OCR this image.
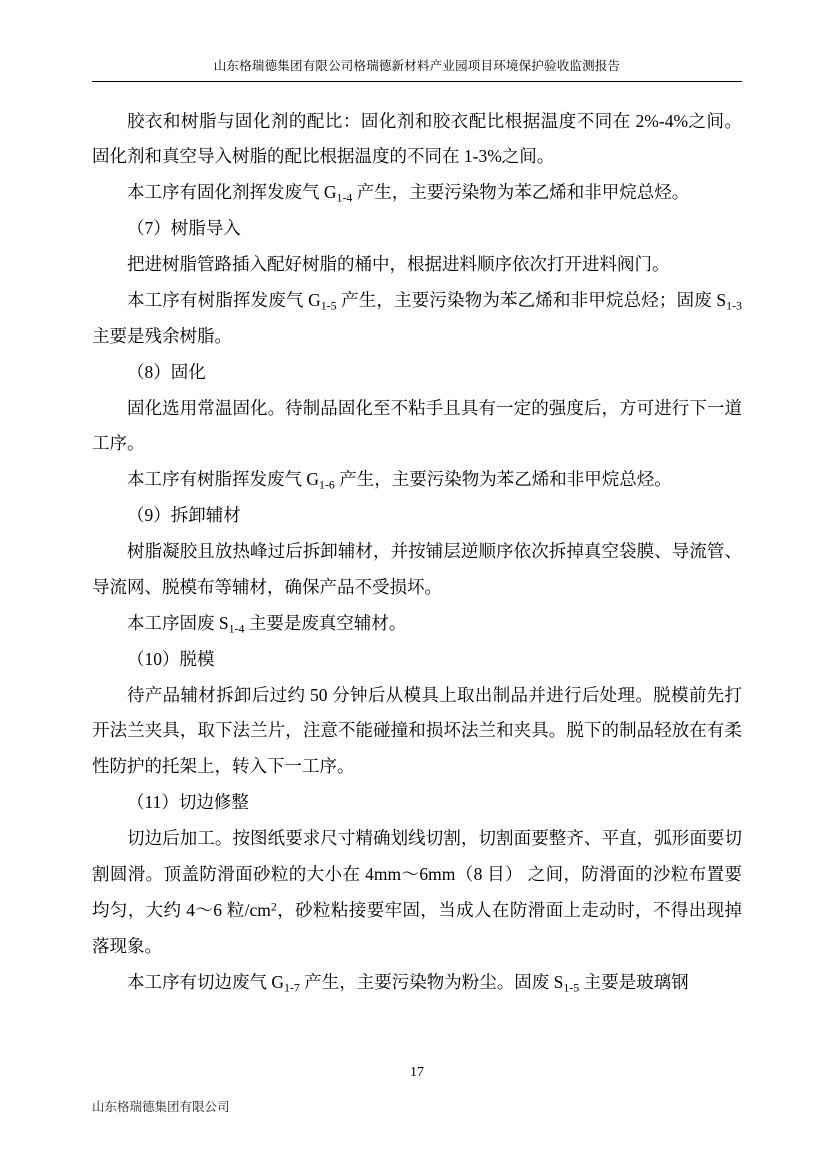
山东格瑞德集团有限公司格瑞德新材料产业园项目环境保护验收监测报告

胶衣和树脂与固化剂的配比：固化剂和胶衣配比根据温度不同在 2%-4%之间。固化剂和真空导入树脂的配比根据温度的不同在 1-3%之间。

本工序有固化剂挥发废气 $G_{1-4}$ 产生，主要污染物为苯乙烯和非甲烷总烃。

（7）树脂导入

把进树脂管路插入配好树脂的桶中，根据进料顺序依次打开进料阀门。

本工序有树脂挥发废气 $G_{1-5}$ 产生，主要污染物为苯乙烯和非甲烷总烃；固废 $S_{1-3}$ 主要是残余树脂。

（8）固化

固化选用常温固化。待制品固化至不粘手且具有一定的强度后，方可进行下一道工序。

本工序有树脂挥发废气 $G_{1-6}$ 产生，主要污染物为苯乙烯和非甲烷总烃。

（9）拆卸辅材

树脂凝胶且放热峰过后拆卸辅材，并按铺层逆顺序依次拆掉真空袋膜、导流管、导流网、脱模布等辅材，确保产品不受损坏。

本工序固废 $S_{1-4}$ 主要是废真空辅材。

（10）脱模

待产品辅材拆卸后过约 50 分钟后从模具上取出制品并进行后处理。脱模前先打开法兰夹具，取下法兰片，注意不能碰撞和损坏法兰和夹具。脱下的制品轻放在有柔性防护的托架上，转入下一工序。

（11）切边修整

切边后加工。按图纸要求尺寸精确划线切割，切割面要整齐、平直，弧形面要切割圆滑。顶盖防滑面砂粒的大小在 4mm～6mm（8 目） 之间，防滑面的沙粒布置要均匀，大约 4～6 粒$/cm^2$，砂粒粘接要牢固，当成人在防滑面上走动时，不得出现掉落现象。

本工序有切边废气 $G_{1-7}$ 产生，主要污染物为粉尘。固废 $S_{1-5}$ 主要是玻璃钢

17
山东格瑞德集团有限公司
